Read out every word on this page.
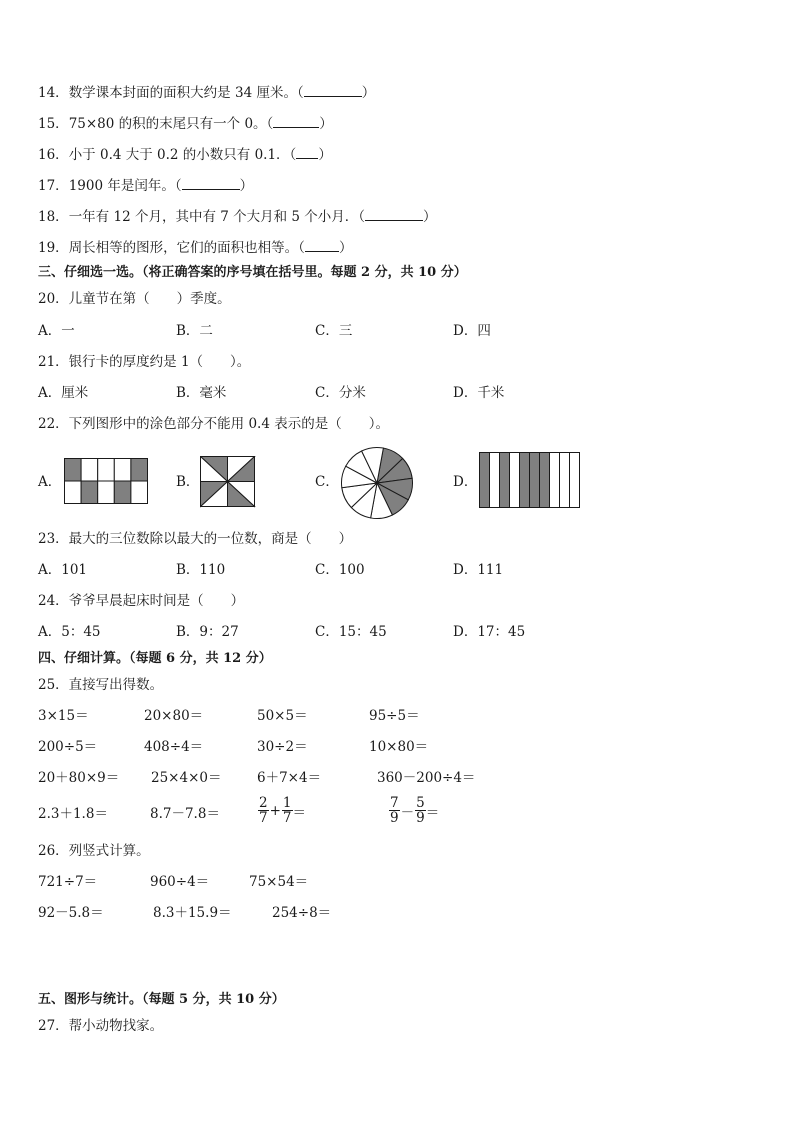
14．数学课本封面的面积大约是 34 厘米。（	）
15．75×80 的积的末尾只有一个 0。（	）
16．小于 0.4 大于 0.2 的小数只有 0.1．（ ）
17．1900 年是闰年。（	）
18．一年有 12 个月，其中有 7 个大月和 5 个小月．（	）
19．周长相等的图形，它们的面积也相等。（	）
三、仔细选一选。（将正确答案的序号填在括号里。每题 2 分，共 10 分）
20．儿童节在第（　　）季度。
A．一	B．二	C．三	D．四
21．银行卡的厚度约是 1（　　）。
A．厘米	B．毫米	C．分米	D．千米
22．下列图形中的涂色部分不能用 0.4 表示的是（　　）。
A．	B．	C．	D．
23．最大的三位数除以最大的一位数，商是（　　）
A．101	B．110	C．100	D．111
24．爷爷早晨起床时间是（　　）
A．5：45	B．9：27	C．15：45	D．17：45
四、仔细计算。（每题 6 分，共 12 分）
25．直接写出得数。
3×15＝	20×80＝	50×5＝	95÷5＝
200÷5＝	408÷4＝	30÷2＝	10×80＝
20＋80×9＝ 25×4×0＝	6＋7×4＝	360－200÷4＝
2.3＋1.8＝	8.7－7.8＝	$\frac{2}{7} + \frac{1}{7}$ ＝	$\frac{7}{9} - \frac{5}{9}$ ＝
26．列竖式计算。
721÷7＝	960÷4＝	75×54＝
92－5.8＝	8.3＋15.9＝	254÷8＝
五、图形与统计。（每题 5 分，共 10 分）
27．帮小动物找家。
